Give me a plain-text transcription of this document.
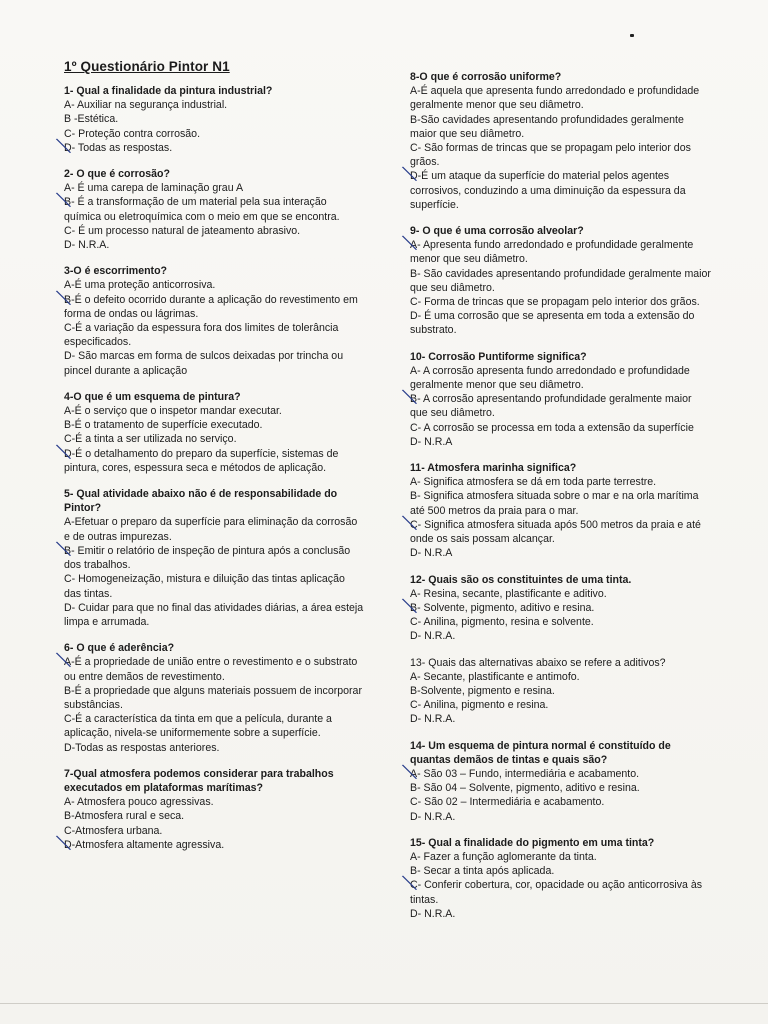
1º Questionário Pintor N1
1- Qual a finalidade da pintura industrial?
A- Auxiliar na segurança industrial.
B -Estética.
C- Proteção contra corrosão.
╲
D- Todas as respostas.
2- O que é corrosão?
A- É uma carepa de laminação grau A
╲
B- É a transformação de um material pela sua interação química ou eletroquímica com o meio em que se encontra.
C- É um processo natural de jateamento abrasivo.
D- N.R.A.
3-O é escorrimento?
A-É uma proteção anticorrosiva.
╲
B-É o defeito ocorrido durante a aplicação do revestimento em forma de ondas ou lágrimas.
C-É a variação da espessura fora dos limites de tolerância especificados.
D- São marcas em forma de sulcos deixadas por trincha ou pincel durante a aplicação
4-O que é um esquema de pintura?
A-É o serviço que o inspetor mandar executar.
B-É o tratamento de superfície executado.
C-É a tinta a ser utilizada no serviço.
╲
D-É o detalhamento do preparo da superfície, sistemas de pintura, cores, espessura seca e métodos de aplicação.
5- Qual atividade abaixo não é de responsabilidade do Pintor?
A-Efetuar o preparo da superfície para eliminação da corrosão e de outras impurezas.
╲
B- Emitir o relatório de inspeção de pintura após a conclusão dos trabalhos.
C- Homogeneização, mistura e diluição das tintas aplicação das tintas.
D- Cuidar para que no final das atividades diárias, a área esteja limpa e arrumada.
6- O que é aderência?
╲
A-É a propriedade de união entre o revestimento e o substrato ou entre demãos de revestimento.
B-É a propriedade que alguns materiais possuem de incorporar substâncias.
C-É a característica da tinta em que a película, durante a aplicação, nivela-se uniformemente sobre a superfície.
D-Todas as respostas anteriores.
7-Qual atmosfera podemos considerar para trabalhos executados em plataformas marítimas?
A- Atmosfera pouco agressivas.
B-Atmosfera rural e seca.
C-Atmosfera urbana.
╲
D-Atmosfera altamente agressiva.
8-O que é corrosão uniforme?
A-É aquela que apresenta fundo arredondado e profundidade geralmente menor que seu diâmetro.
B-São cavidades apresentando profundidades geralmente maior que seu diâmetro.
C- São formas de trincas que se propagam pelo interior dos grãos.
╲
D-É um ataque da superfície do material pelos agentes corrosivos, conduzindo a uma diminuição da espessura da superfície.
9- O que é uma corrosão alveolar?
╲
A- Apresenta fundo arredondado e profundidade geralmente menor que seu diâmetro.
B- São cavidades apresentando profundidade geralmente maior que seu diâmetro.
C- Forma de trincas que se propagam pelo interior dos grãos.
D- É uma corrosão que se apresenta em toda a extensão do substrato.
10- Corrosão Puntiforme significa?
A- A corrosão apresenta fundo arredondado e profundidade geralmente menor que seu diâmetro.
╲
B- A corrosão apresentando profundidade geralmente maior que seu diâmetro.
C- A corrosão se processa em toda a extensão da superfície
D- N.R.A
11- Atmosfera marinha significa?
A- Significa atmosfera se dá em toda parte terrestre.
B- Significa atmosfera situada sobre o mar e na orla marítima até 500 metros da praia para o mar.
╲
C- Significa atmosfera situada após 500 metros da praia e até onde os sais possam alcançar.
D- N.R.A
12- Quais são os constituintes de uma tinta.
A- Resina, secante, plastificante e aditivo.
╲
B- Solvente, pigmento, aditivo e resina.
C- Anilina, pigmento, resina e solvente.
D- N.R.A.
13- Quais das alternativas abaixo se refere a aditivos?
A- Secante, plastificante e antimofo.
B-Solvente, pigmento e resina.
C- Anilina, pigmento e resina.
D- N.R.A.
14- Um esquema de pintura normal é constituído de quantas demãos de tintas e quais são?
╲
A- São 03 – Fundo, intermediária e acabamento.
B- São 04 – Solvente, pigmento, aditivo e resina.
C- São 02 – Intermediária e acabamento.
D- N.R.A.
15- Qual a finalidade do pigmento em uma tinta?
A- Fazer a função aglomerante da tinta.
B- Secar a tinta após aplicada.
╲
C- Conferir cobertura, cor, opacidade ou ação anticorrosiva às tintas.
D- N.R.A.
